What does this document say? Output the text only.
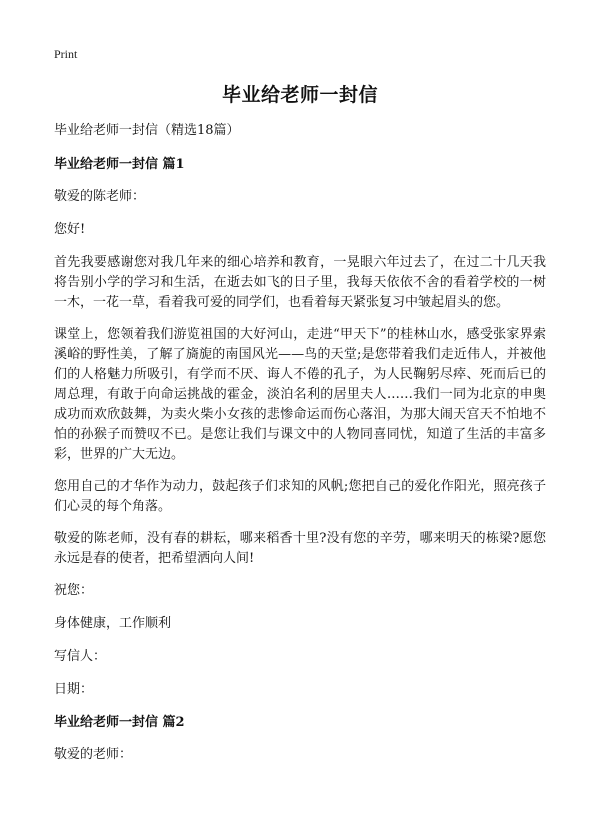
Print
毕业给老师一封信

毕业给老师一封信（精选18篇）

毕业给老师一封信 篇1

敬爱的陈老师：

您好!

首先我要感谢您对我几年来的细心培养和教育，一晃眼六年过去了，在过二十几天我将告别小学的学习和生活，在逝去如飞的日子里，我每天依依不舍的看着学校的一树一木，一花一草，看着我可爱的同学们，也看着每天紧张复习中皱起眉头的您。

课堂上，您领着我们游览祖国的大好河山，走进“甲天下”的桂林山水，感受张家界索溪峪的野性美，了解了旖旎的南国风光——鸟的天堂;是您带着我们走近伟人，并被他们的人格魅力所吸引，有学而不厌、诲人不倦的孔子，为人民鞠躬尽瘁、死而后已的周总理，有敢于向命运挑战的霍金，淡泊名利的居里夫人……我们一同为北京的申奥成功而欢欣鼓舞，为卖火柴小女孩的悲惨命运而伤心落泪，为那大闹天宫天不怕地不怕的孙猴子而赞叹不已。是您让我们与课文中的人物同喜同忧，知道了生活的丰富多彩，世界的广大无边。

您用自己的才华作为动力，鼓起孩子们求知的风帆;您把自己的爱化作阳光，照亮孩子们心灵的每个角落。

敬爱的陈老师，没有春的耕耘，哪来稻香十里?没有您的辛劳，哪来明天的栋梁?愿您永远是春的使者，把希望洒向人间!

祝您：

身体健康，工作顺利

写信人：

日期：

毕业给老师一封信 篇2

敬爱的老师：
